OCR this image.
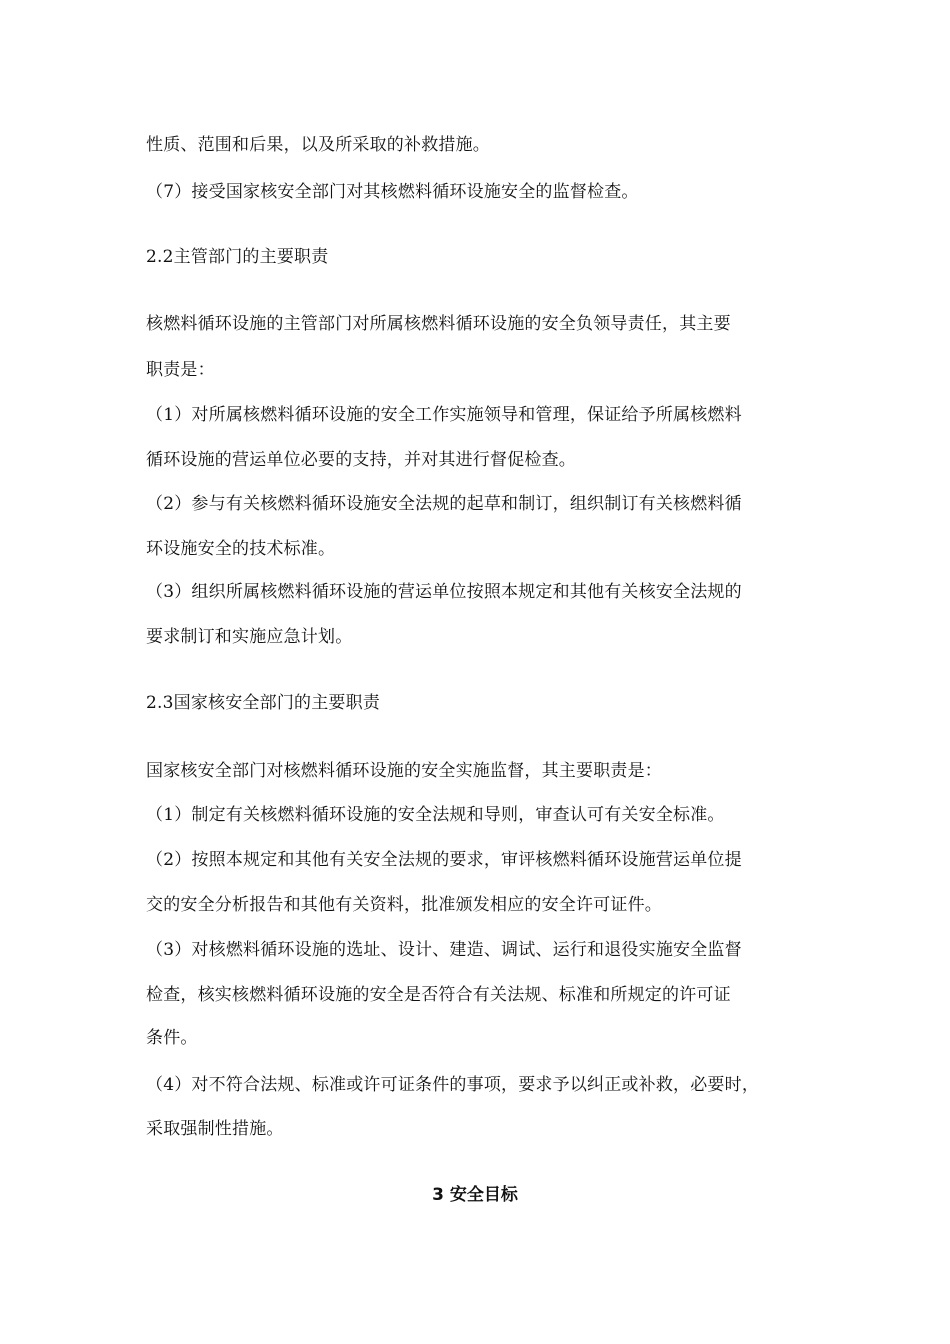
性质、范围和后果，以及所采取的补救措施。
（7）接受国家核安全部门对其核燃料循环设施安全的监督检查。
2.2主管部门的主要职责
核燃料循环设施的主管部门对所属核燃料循环设施的安全负领导责任，其主要
职责是：
（1）对所属核燃料循环设施的安全工作实施领导和管理，保证给予所属核燃料
循环设施的营运单位必要的支持，并对其进行督促检查。
（2）参与有关核燃料循环设施安全法规的起草和制订，组织制订有关核燃料循
环设施安全的技术标准。
（3）组织所属核燃料循环设施的营运单位按照本规定和其他有关核安全法规的
要求制订和实施应急计划。
2.3国家核安全部门的主要职责
国家核安全部门对核燃料循环设施的安全实施监督，其主要职责是：
（1）制定有关核燃料循环设施的安全法规和导则，审查认可有关安全标准。
（2）按照本规定和其他有关安全法规的要求，审评核燃料循环设施营运单位提
交的安全分析报告和其他有关资料，批准颁发相应的安全许可证件。
（3）对核燃料循环设施的选址、设计、建造、调试、运行和退役实施安全监督
检查，核实核燃料循环设施的安全是否符合有关法规、标准和所规定的许可证
条件。
（4）对不符合法规、标准或许可证条件的事项，要求予以纠正或补救，必要时，
采取强制性措施。
3 安全目标
